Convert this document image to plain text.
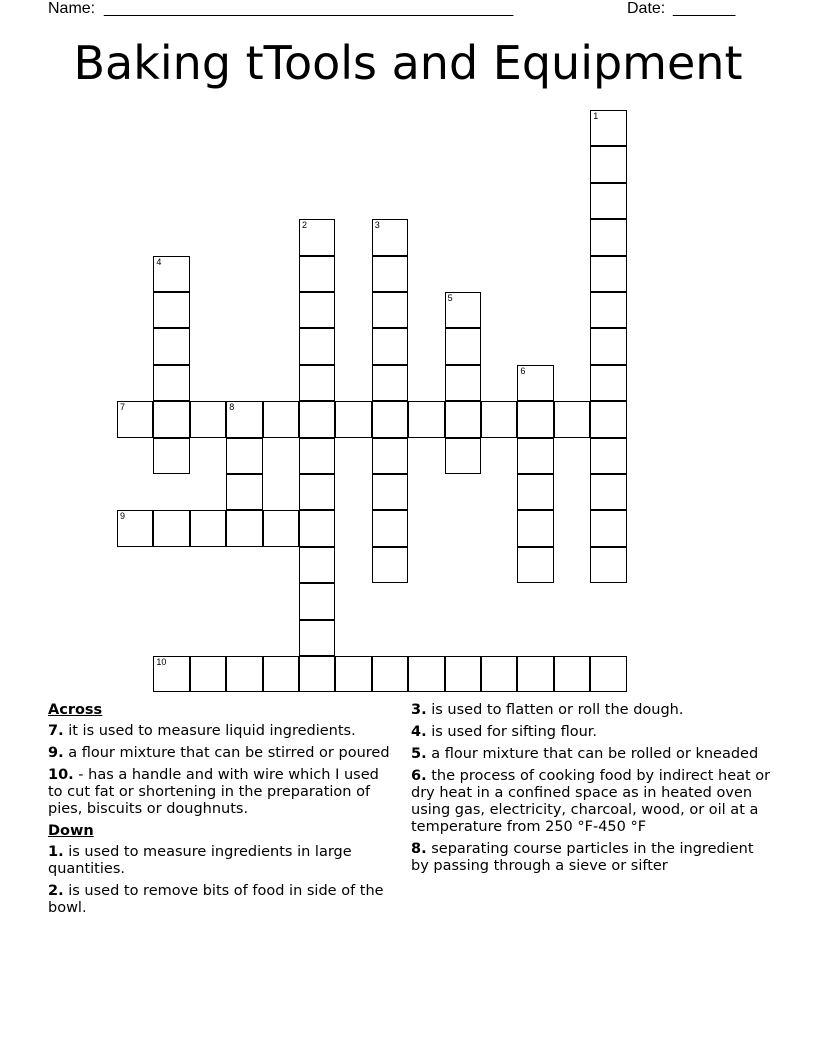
Name: ______________________________________________	Date: _______
Baking tTools and Equipment
1
2	3
4
5
6
7	8
9
10
Across
7. it is used to measure liquid ingredients.
9. a flour mixture that can be stirred or poured
10. - has a handle and with wire which I used to cut fat or shortening in the preparation of pies, biscuits or doughnuts.
Down
1. is used to measure ingredients in large quantities.
2. is used to remove bits of food in side of the bowl.
3. is used to flatten or roll the dough.
4. is used for sifting flour.
5. a flour mixture that can be rolled or kneaded
6. the process of cooking food by indirect heat or dry heat in a confined space as in heated oven using gas, electricity, charcoal, wood, or oil at a temperature from 250 °F-450 °F
8. separating course particles in the ingredient by passing through a sieve or sifter
